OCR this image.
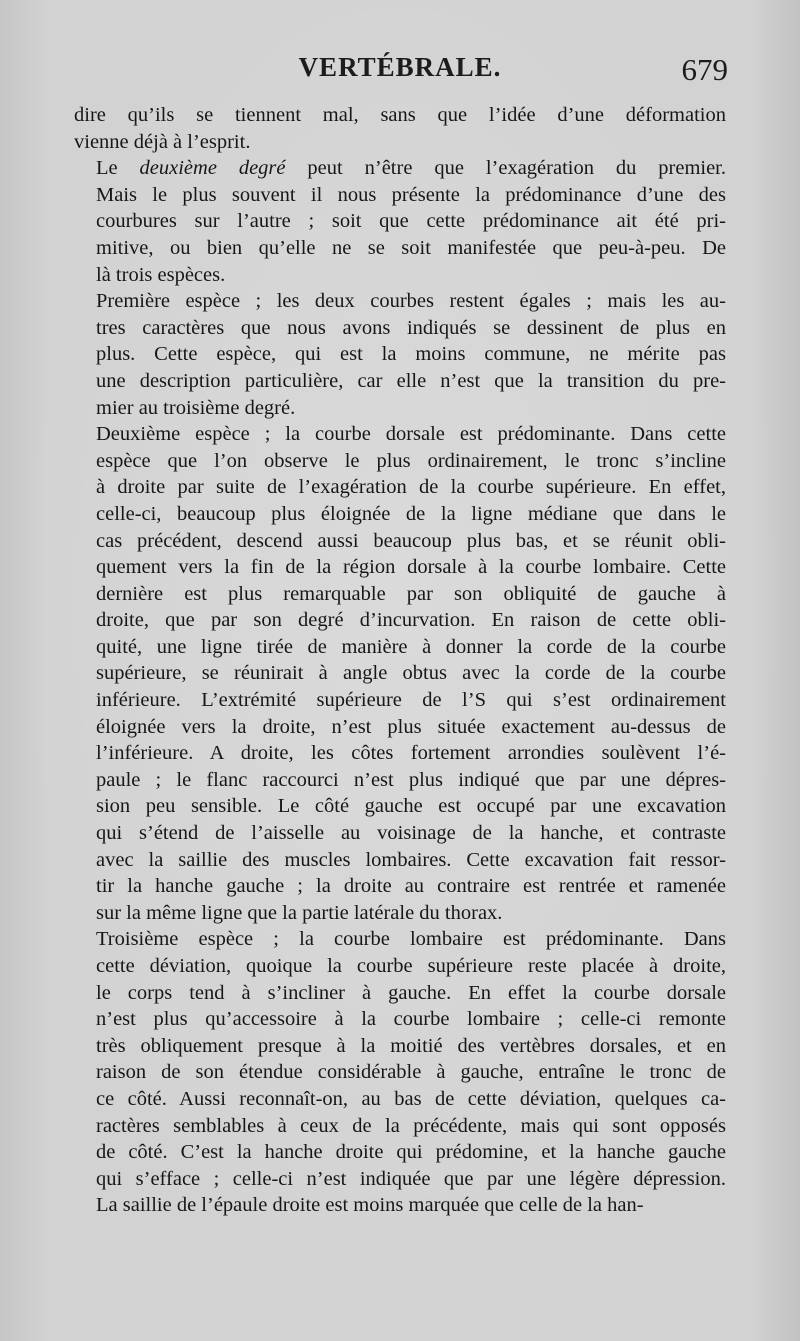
VERTÉBRALE.	679
dire qu’ils se tiennent mal, sans que l’idée d’une déformation
vienne déjà à l’esprit.
Le deuxième degré peut n’être que l’exagération du premier.
Mais le plus souvent il nous présente la prédominance d’une des
courbures sur l’autre ; soit que cette prédominance ait été pri-
mitive, ou bien qu’elle ne se soit manifestée que peu-à-peu. De
là trois espèces.
Première espèce ; les deux courbes restent égales ; mais les au-
tres caractères que nous avons indiqués se dessinent de plus en
plus. Cette espèce, qui est la moins commune, ne mérite pas
une description particulière, car elle n’est que la transition du pre-
mier au troisième degré.
Deuxième espèce ; la courbe dorsale est prédominante. Dans cette
espèce que l’on observe le plus ordinairement, le tronc s’incline
à droite par suite de l’exagération de la courbe supérieure. En effet,
celle-ci, beaucoup plus éloignée de la ligne médiane que dans le
cas précédent, descend aussi beaucoup plus bas, et se réunit obli-
quement vers la fin de la région dorsale à la courbe lombaire. Cette
dernière est plus remarquable par son obliquité de gauche à
droite, que par son degré d’incurvation. En raison de cette obli-
quité, une ligne tirée de manière à donner la corde de la courbe
supérieure, se réunirait à angle obtus avec la corde de la courbe
inférieure. L’extrémité supérieure de l’S qui s’est ordinairement
éloignée vers la droite, n’est plus située exactement au-dessus de
l’inférieure. A droite, les côtes fortement arrondies soulèvent l’é-
paule ; le flanc raccourci n’est plus indiqué que par une dépres-
sion peu sensible. Le côté gauche est occupé par une excavation
qui s’étend de l’aisselle au voisinage de la hanche, et contraste
avec la saillie des muscles lombaires. Cette excavation fait ressor-
tir la hanche gauche ; la droite au contraire est rentrée et ramenée
sur la même ligne que la partie latérale du thorax.
Troisième espèce ; la courbe lombaire est prédominante. Dans
cette déviation, quoique la courbe supérieure reste placée à droite,
le corps tend à s’incliner à gauche. En effet la courbe dorsale
n’est plus qu’accessoire à la courbe lombaire ; celle-ci remonte
très obliquement presque à la moitié des vertèbres dorsales, et en
raison de son étendue considérable à gauche, entraîne le tronc de
ce côté. Aussi reconnaît-on, au bas de cette déviation, quelques ca-
ractères semblables à ceux de la précédente, mais qui sont opposés
de côté. C’est la hanche droite qui prédomine, et la hanche gauche
qui s’efface ; celle-ci n’est indiquée que par une légère dépression.
La saillie de l’épaule droite est moins marquée que celle de la han-
